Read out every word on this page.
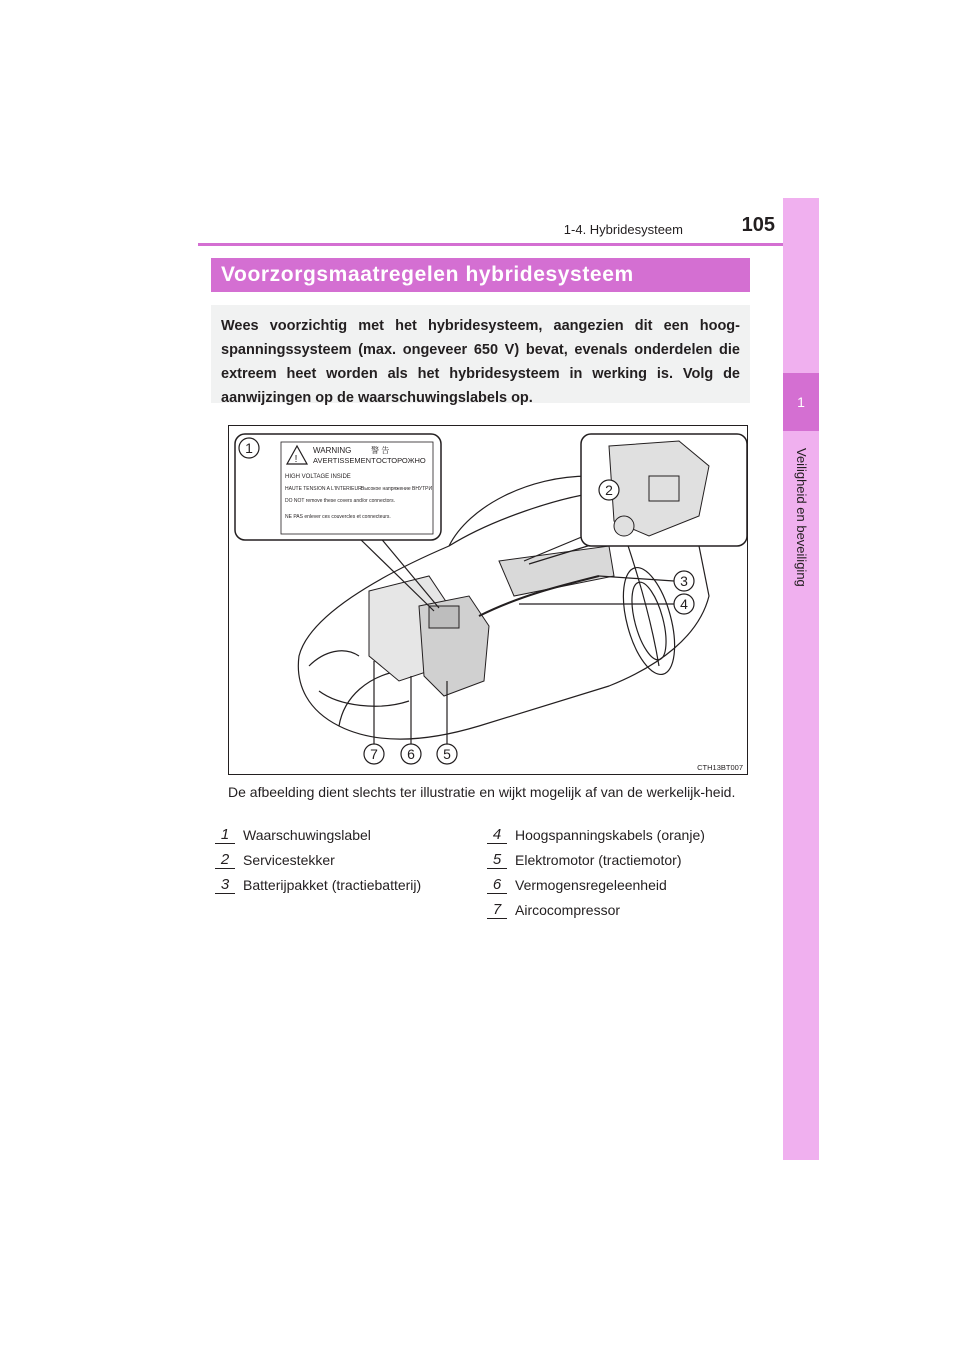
1-4. Hybridesysteem	105
1
Veiligheid en beveiliging
Voorzorgsmaatregelen hybridesysteem
Wees voorzichtig met het hybridesysteem, aangezien dit een hoog-spanningssysteem (max. ongeveer 650 V) bevat, evenals onderdelen die extreem heet worden als het hybridesysteem in werking is. Volg de aanwijzingen op de waarschuwingslabels op.
!
WARNING 警 告
AVERTISSEMENT ОСТОРОЖНО
HIGH VOLTAGE INSIDE
HAUTE TENSION A L'INTERIEUR Высокое напряжение ВНУТРИ
DO NOT remove these covers and/or connectors.
NE PAS enlever ces couvercles et connecteurs.
1
2
3
4
5
6
7
CTH13BT007
De afbeelding dient slechts ter illustratie en wijkt mogelijk af van de werkelijk-heid.
1 Waarschuwingslabel
2 Servicestekker
3 Batterijpakket (tractiebatterij)
4 Hoogspanningskabels (oranje)
5 Elektromotor (tractiemotor)
6 Vermogensregeleenheid
7 Aircocompressor
